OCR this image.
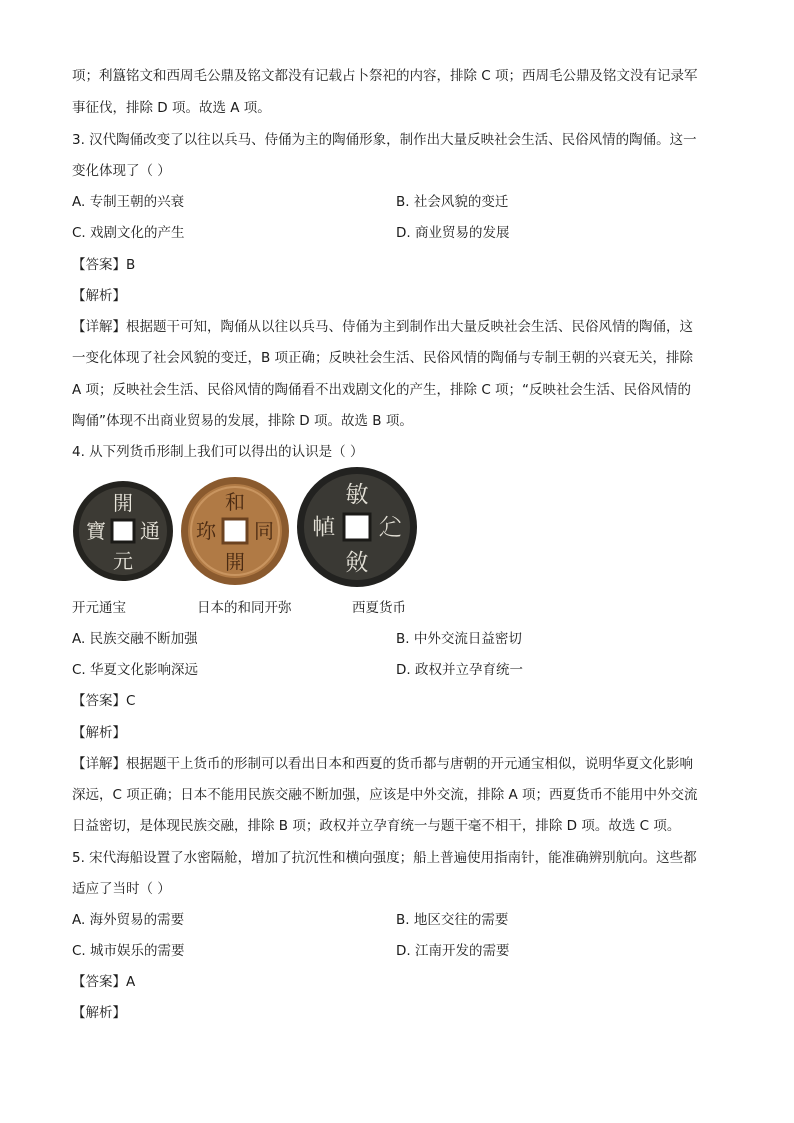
项；利簋铭文和西周毛公鼎及铭文都没有记载占卜祭祀的内容，排除 C 项；西周毛公鼎及铭文没有记录军
事征伐，排除 D 项。故选 A 项。
3. 汉代陶俑改变了以往以兵马、侍俑为主的陶俑形象，制作出大量反映社会生活、民俗风情的陶俑。这一
变化体现了（ ）
A. 专制王朝的兴衰	B. 社会风貌的变迁
C. 戏剧文化的产生	D. 商业贸易的发展
【答案】B
【解析】
【详解】根据题干可知，陶俑从以往以兵马、侍俑为主到制作出大量反映社会生活、民俗风情的陶俑，这
一变化体现了社会风貌的变迁，B 项正确；反映社会生活、民俗风情的陶俑与专制王朝的兴衰无关，排除
A 项；反映社会生活、民俗风情的陶俑看不出戏剧文化的产生，排除 C 项；“反映社会生活、民俗风情的
陶俑”体现不出商业贸易的发展，排除 D 项。故选 B 项。
4. 从下列货币形制上我们可以得出的认识是（ ）
開
通
元
寶
和
同
開
珎
敏
𠔇
㪘
𢃜
开元通宝	日本的和同开弥	西夏货币
A. 民族交融不断加强	B. 中外交流日益密切
C. 华夏文化影响深远	D. 政权并立孕育统一
【答案】C
【解析】
【详解】根据题干上货币的形制可以看出日本和西夏的货币都与唐朝的开元通宝相似，说明华夏文化影响
深远，C 项正确；日本不能用民族交融不断加强，应该是中外交流，排除 A 项；西夏货币不能用中外交流
日益密切，是体现民族交融，排除 B 项；政权并立孕育统一与题干毫不相干，排除 D 项。故选 C 项。
5. 宋代海船设置了水密隔舱，增加了抗沉性和横向强度；船上普遍使用指南针，能准确辨别航向。这些都
适应了当时（ ）
A. 海外贸易的需要	B. 地区交往的需要
C. 城市娱乐的需要	D. 江南开发的需要
【答案】A
【解析】
